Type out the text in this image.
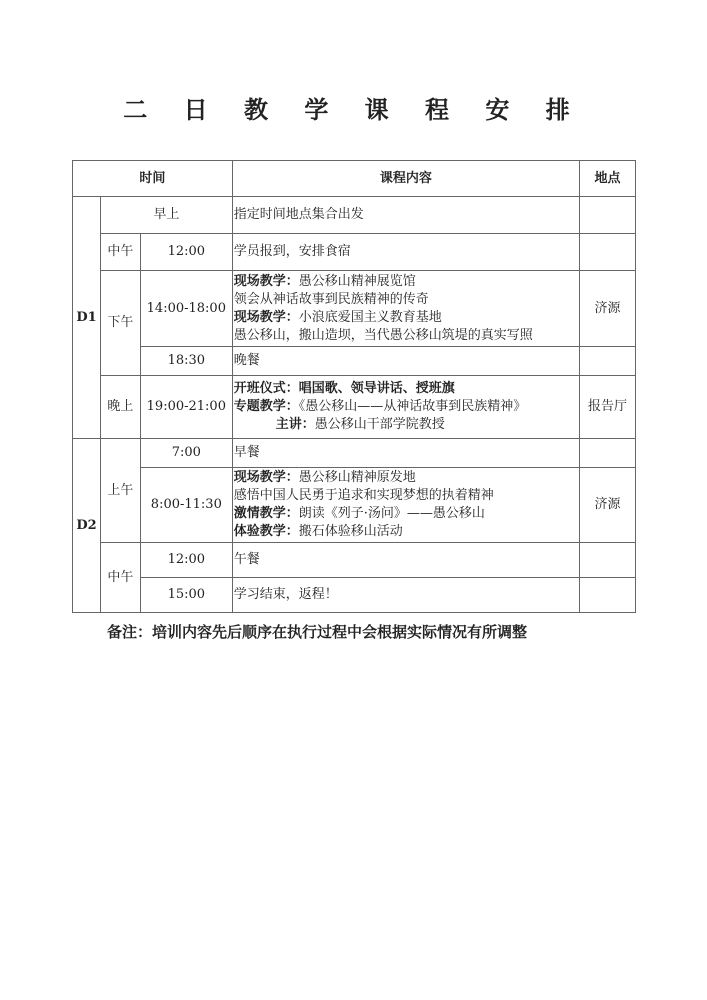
二 日 教 学 课 程 安 排
时间			课程内容	地点
D1	早上		指定时间地点集合出发	
	中午	12:00	学员报到，安排食宿	
	下午	14:00-18:00	现场教学：愚公移山精神展览馆
领会从神话故事到民族精神的传奇
现场教学：小浪底爱国主义教育基地
愚公移山，搬山造坝，当代愚公移山筑堤的真实写照	济源
		18:30	晚餐	
	晚上	19:00-21:00	开班仪式：唱国歌、领导讲话、授班旗
专题教学：《愚公移山——从神话故事到民族精神》
主讲：愚公移山干部学院教授	报告厅
D2	上午	7:00	早餐	
		8:00-11:30	现场教学：愚公移山精神原发地
感悟中国人民勇于追求和实现梦想的执着精神
激情教学：朗读《列子·汤问》——愚公移山
体验教学：搬石体验移山活动	济源
	中午	12:00	午餐	
		15:00	学习结束，返程！	
备注：培训内容先后顺序在执行过程中会根据实际情况有所调整
